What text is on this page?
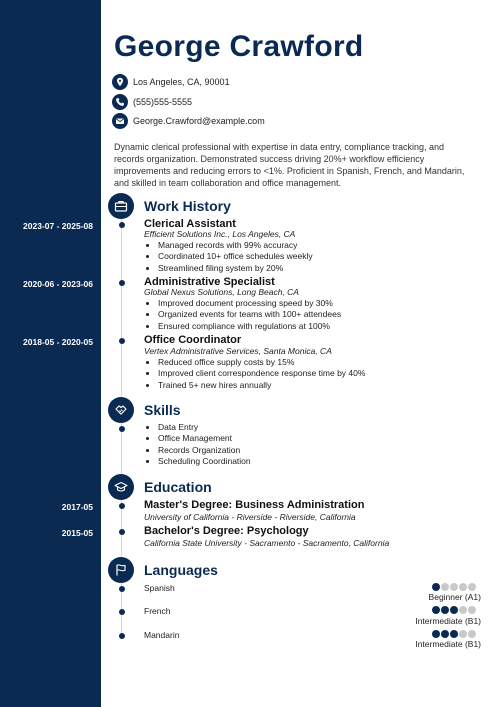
George Crawford
Los Angeles, CA, 90001
(555)555-5555
George.Crawford@example.com

Dynamic clerical professional with expertise in data entry, compliance tracking, and records organization. Demonstrated success driving 20%+ workflow efficiency improvements and reducing errors to <1%. Proficient in Spanish, French, and Mandarin, and skilled in team collaboration and office management.

Work History
2023-07 - 2025-08	Clerical Assistant
Efficient Solutions Inc., Los Angeles, CA
• Managed records with 99% accuracy
• Coordinated 10+ office schedules weekly
• Streamlined filing system by 20%
2020-06 - 2023-06	Administrative Specialist
Global Nexus Solutions, Long Beach, CA
• Improved document processing speed by 30%
• Organized events for teams with 100+ attendees
• Ensured compliance with regulations at 100%
2018-05 - 2020-05	Office Coordinator
Vertex Administrative Services, Santa Monica, CA
• Reduced office supply costs by 15%
• Improved client correspondence response time by 40%
• Trained 5+ new hires annually
Skills
• Data Entry
• Office Management
• Records Organization
• Scheduling Coordination
Education
2017-05	Master's Degree: Business Administration
University of California - Riverside - Riverside, California
2015-05	Bachelor's Degree: Psychology
California State University - Sacramento - Sacramento, California
Languages
Spanish
Beginner (A1)
French
Intermediate (B1)
Mandarin
Intermediate (B1)
